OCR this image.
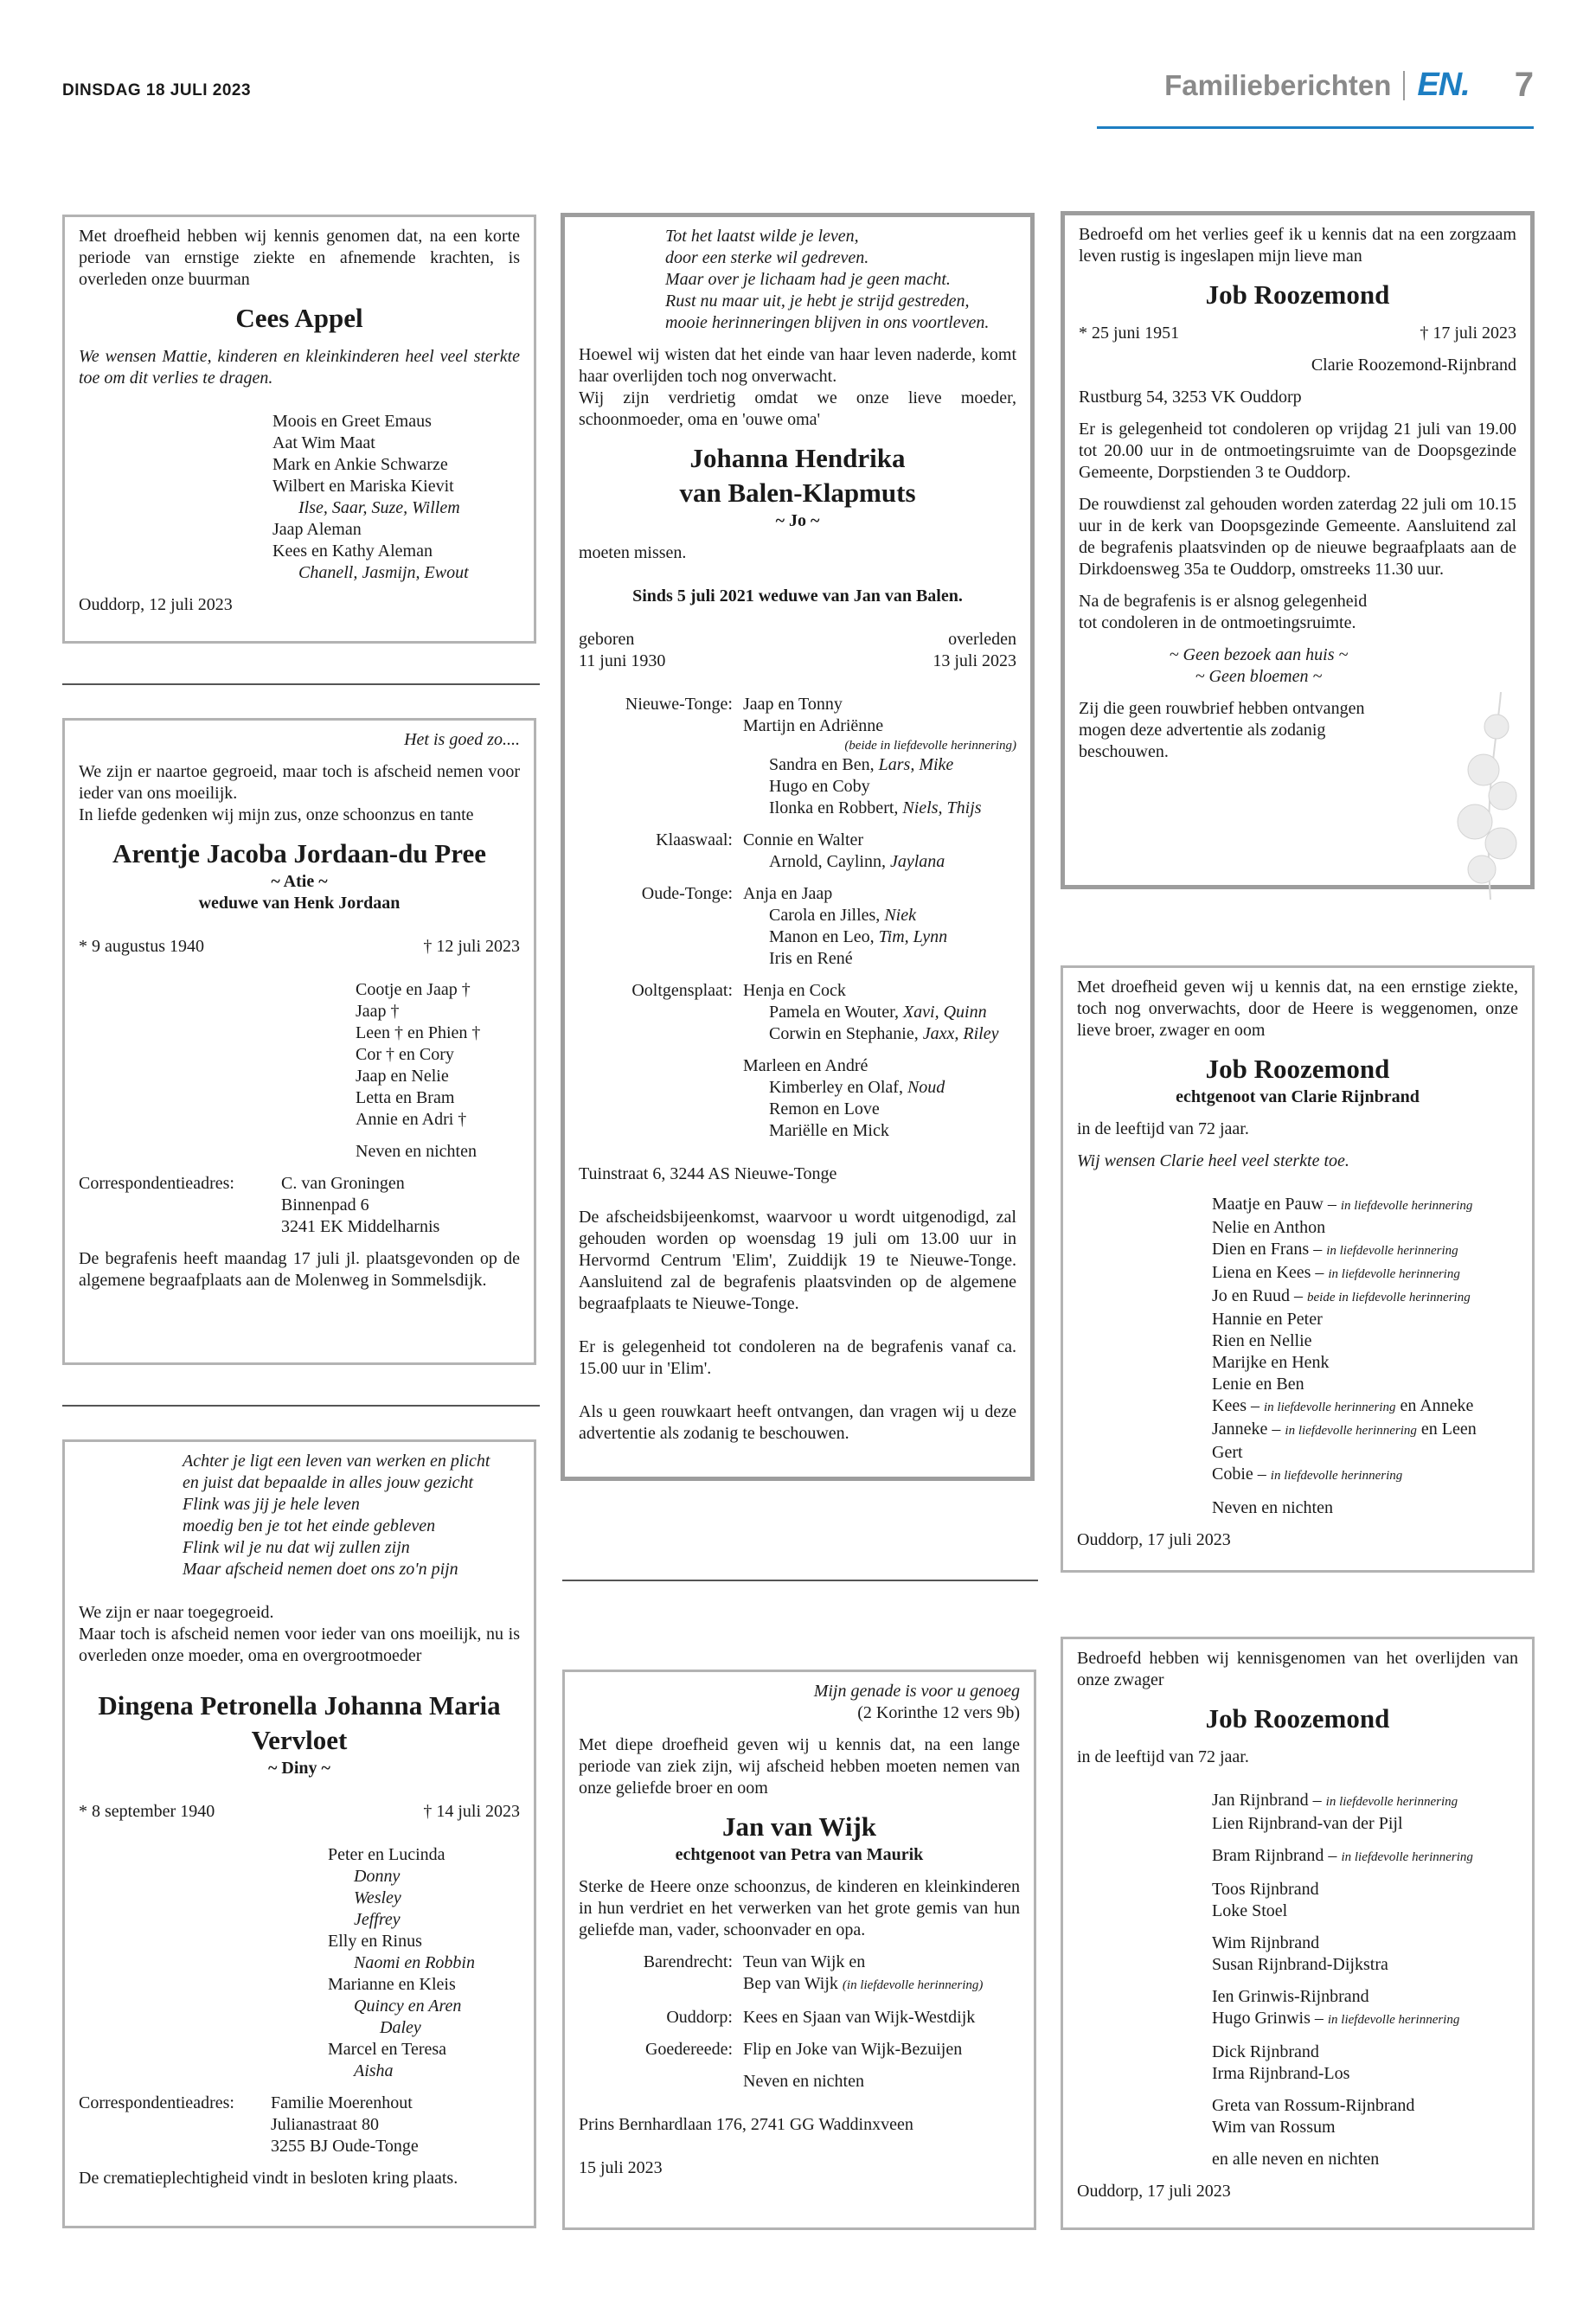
DINSDAG 18 JULI 2023	Familieberichten EN. 7
Met droefheid hebben wij kennis genomen dat, na een korte periode van ernstige ziekte en afnemende krachten, is overleden onze buurman
Cees Appel
We wensen Mattie, kinderen en kleinkinderen heel veel sterkte toe om dit verlies te dragen.
Moois en Greet Emaus
Aat Wim Maat
Mark en Ankie Schwarze
Wilbert en Mariska Kievit
Ilse, Saar, Suze, Willem
Jaap Aleman
Kees en Kathy Aleman
Chanell, Jasmijn, Ewout
Ouddorp, 12 juli 2023
Het is goed zo....
We zijn er naartoe gegroeid, maar toch is afscheid nemen voor ieder van ons moeilijk.
In liefde gedenken wij mijn zus, onze schoonzus en tante
Arentje Jacoba Jordaan-du Pree
~ Atie ~
weduwe van Henk Jordaan
* 9 augustus 1940	† 12 juli 2023
Cootje en Jaap †
Jaap †
Leen † en Phien †
Cor † en Cory
Jaap en Nelie
Letta en Bram
Annie en Adri †
Neven en nichten
Correspondentieadres:	C. van Groningen
Binnenpad 6
3241 EK Middelharnis
De begrafenis heeft maandag 17 juli jl. plaatsgevonden op de algemene begraafplaats aan de Molenweg in Sommelsdijk.
Achter je ligt een leven van werken en plicht
en juist dat bepaalde in alles jouw gezicht
Flink was jij je hele leven
moedig ben je tot het einde gebleven
Flink wil je nu dat wij zullen zijn
Maar afscheid nemen doet ons zo'n pijn
We zijn er naar toegegroeid.
Maar toch is afscheid nemen voor ieder van ons moeilijk, nu is overleden onze moeder, oma en overgrootmoeder
Dingena Petronella Johanna Maria Vervloet
~ Diny ~
* 8 september 1940	† 14 juli 2023
Peter en Lucinda
Donny
Wesley
Jeffrey
Elly en Rinus
Naomi en Robbin
Marianne en Kleis
Quincy en Aren
Daley
Marcel en Teresa
Aisha
Correspondentieadres:	Familie Moerenhout
Julianastraat 80
3255 BJ Oude-Tonge
De crematieplechtigheid vindt in besloten kring plaats.
Tot het laatst wilde je leven,
door een sterke wil gedreven.
Maar over je lichaam had je geen macht.
Rust nu maar uit, je hebt je strijd gestreden,
mooie herinneringen blijven in ons voortleven.
Hoewel wij wisten dat het einde van haar leven naderde, komt haar overlijden toch nog onverwacht.
Wij zijn verdrietig omdat we onze lieve moeder, schoonmoeder, oma en 'ouwe oma'
Johanna Hendrika
van Balen-Klapmuts
~ Jo ~
moeten missen.
Sinds 5 juli 2021 weduwe van Jan van Balen.
geboren
11 juni 1930
overleden
13 juli 2023
Nieuwe-Tonge: Jaap en Tonny
Martijn en Adriënne
(beide in liefdevolle herinnering)
Sandra en Ben, Lars, Mike
Hugo en Coby
Ilonka en Robbert, Niels, Thijs
Klaaswaal: Connie en Walter
Arnold, Caylinn, Jaylana
Oude-Tonge: Anja en Jaap
Carola en Jilles, Niek
Manon en Leo, Tim, Lynn
Iris en René
Ooltgensplaat: Henja en Cock
Pamela en Wouter, Xavi, Quinn
Corwin en Stephanie, Jaxx, Riley
Marleen en André
Kimberley en Olaf, Noud
Remon en Love
Mariëlle en Mick
Tuinstraat 6, 3244 AS Nieuwe-Tonge
De afscheidsbijeenkomst, waarvoor u wordt uitgenodigd, zal gehouden worden op woensdag 19 juli om 13.00 uur in Hervormd Centrum 'Elim', Zuiddijk 19 te Nieuwe-Tonge. Aansluitend zal de begrafenis plaatsvinden op de algemene begraafplaats te Nieuwe-Tonge.
Er is gelegenheid tot condoleren na de begrafenis vanaf ca. 15.00 uur in 'Elim'.
Als u geen rouwkaart heeft ontvangen, dan vragen wij u deze advertentie als zodanig te beschouwen.
Mijn genade is voor u genoeg
(2 Korinthe 12 vers 9b)
Met diepe droefheid geven wij u kennis dat, na een lange periode van ziek zijn, wij afscheid hebben moeten nemen van onze geliefde broer en oom
Jan van Wijk
echtgenoot van Petra van Maurik
Sterke de Heere onze schoonzus, de kinderen en kleinkinderen in hun verdriet en het verwerken van het grote gemis van hun geliefde man, vader, schoonvader en opa.
Barendrecht: Teun van Wijk en
Bep van Wijk (in liefdevolle herinnering)
Ouddorp: Kees en Sjaan van Wijk-Westdijk
Goedereede: Flip en Joke van Wijk-Bezuijen
Neven en nichten
Prins Bernhardlaan 176, 2741 GG Waddinxveen
15 juli 2023
Bedroefd om het verlies geef ik u kennis dat na een zorgzaam leven rustig is ingeslapen mijn lieve man
Job Roozemond
* 25 juni 1951	† 17 juli 2023
Clarie Roozemond-Rijnbrand
Rustburg 54, 3253 VK Ouddorp
Er is gelegenheid tot condoleren op vrijdag 21 juli van 19.00 tot 20.00 uur in de ontmoetingsruimte van de Doopsgezinde Gemeente, Dorpstienden 3 te Ouddorp.
De rouwdienst zal gehouden worden zaterdag 22 juli om 10.15 uur in de kerk van Doopsgezinde Gemeente. Aansluitend zal de begrafenis plaatsvinden op de nieuwe begraafplaats aan de Dirkdoensweg 35a te Ouddorp, omstreeks 11.30 uur.
Na de begrafenis is er alsnog gelegenheid
tot condoleren in de ontmoetingsruimte.
~ Geen bezoek aan huis ~
~ Geen bloemen ~
Zij die geen rouwbrief hebben ontvangen
mogen deze advertentie als zodanig
beschouwen.
Met droefheid geven wij u kennis dat, na een ernstige ziekte, toch nog onverwachts, door de Heere is weggenomen, onze lieve broer, zwager en oom
Job Roozemond
echtgenoot van Clarie Rijnbrand
in de leeftijd van 72 jaar.
Wij wensen Clarie heel veel sterkte toe.
Maatje en Pauw – in liefdevolle herinnering
Nelie en Anthon
Dien en Frans – in liefdevolle herinnering
Liena en Kees – in liefdevolle herinnering
Jo en Ruud – beide in liefdevolle herinnering
Hannie en Peter
Rien en Nellie
Marijke en Henk
Lenie en Ben
Kees – in liefdevolle herinnering en Anneke
Janneke – in liefdevolle herinnering en Leen
Gert
Cobie – in liefdevolle herinnering
Neven en nichten
Ouddorp, 17 juli 2023
Bedroefd hebben wij kennisgenomen van het overlijden van onze zwager
Job Roozemond
in de leeftijd van 72 jaar.
Jan Rijnbrand – in liefdevolle herinnering
Lien Rijnbrand-van der Pijl
Bram Rijnbrand – in liefdevolle herinnering
Toos Rijnbrand
Loke Stoel
Wim Rijnbrand
Susan Rijnbrand-Dijkstra
Ien Grinwis-Rijnbrand
Hugo Grinwis – in liefdevolle herinnering
Dick Rijnbrand
Irma Rijnbrand-Los
Greta van Rossum-Rijnbrand
Wim van Rossum
en alle neven en nichten
Ouddorp, 17 juli 2023
